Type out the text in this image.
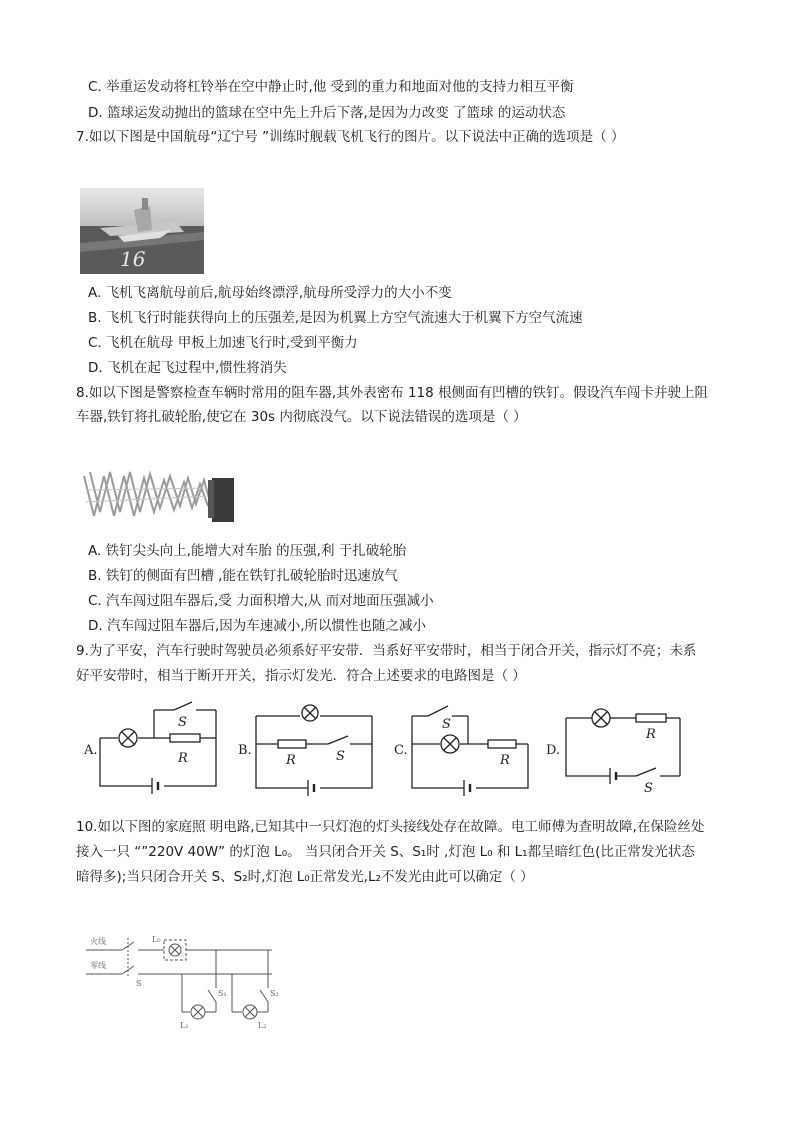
C. 举重运发动将杠铃举在空中静止时,他 受到的重力和地面对他的支持力相互平衡
D. 篮球运发动抛出的篮球在空中先上升后下落,是因为力改变 了篮球 的运动状态
7.如以下图是中国航母“辽宁号 ”训练时舰载飞机飞行的图片。以下说法中正确的选项是（ ）
16
A. 飞机飞离航母前后,航母始终漂浮,航母所受浮力的大小不变
B. 飞机飞行时能获得向上的压强差,是因为机翼上方空气流速大于机翼下方空气流速
C. 飞机在航母 甲板上加速飞行时,受到平衡力
D. 飞机在起飞过程中,惯性将消失
8.如以下图是警察检查车辆时常用的阻车器,其外表密布 118 根侧面有凹槽的铁钉。假设汽车闯卡并驶上阻
车器,铁钉将扎破轮胎,使它在 30s 内彻底没气。以下说法错误的选项是（ ）
A. 铁钉尖头向上,能增大对车胎 的压强,利 于扎破轮胎
B. 铁钉的侧面有凹槽 ,能在铁钉扎破轮胎时迅速放气
C. 汽车闯过阻车器后,受 力面积增大,从 而对地面压强减小
D. 汽车闯过阻车器后,因为车速减小,所以惯性也随之减小
9.为了平安，汽车行驶时驾驶员必须系好平安带．当系好平安带时，相当于闭合开关，指示灯不亮；未系
好平安带时，相当于断开开关，指示灯发光．符合上述要求的电路图是（ ）
A.
S
R
B.
R	S	C.
S
R
D.
R
S
10.如以下图的家庭照 明电路,已知其中一只灯泡的灯头接线处存在故障。电工师傅为查明故障,在保险丝处
接入一只 “”220V 40W” 的灯泡 L₀。 当只闭合开关 S、S₁时 ,灯泡 L₀ 和 L₁都呈暗红色(比正常发光状态
暗得多);当只闭合开关 S、S₂时,灯泡 L₀正常发光,L₂不发光由此可以确定（ ）
火线
零线
S
L₀
S₁	S₂
L₁	L₂
